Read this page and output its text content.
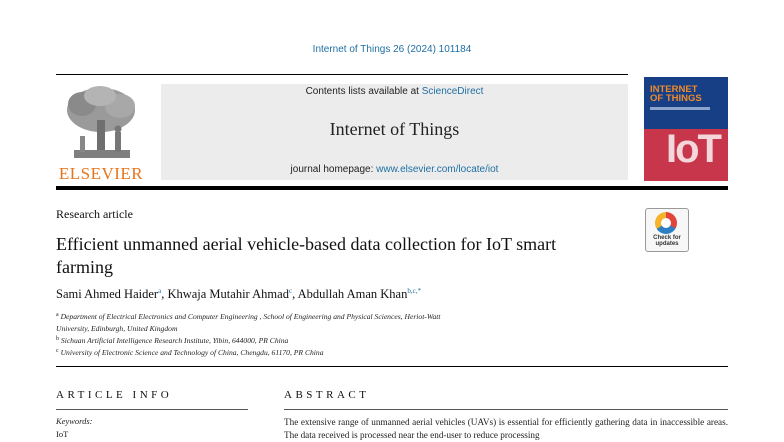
Internet of Things 26 (2024) 101184
ELSEVIER
Contents lists available at ScienceDirect
Internet of Things
journal homepage: www.elsevier.com/locate/iot
INTERNET
OF THINGS
IoT
Research article
Check for
updates
Efficient unmanned aerial vehicle-based data collection for IoT smart farming
Sami Ahmed Haider$^a$, Khwaja Mutahir Ahmad$^c$, Abdullah Aman Khan$^{b,c,*}$
$^a$ Department of Electrical Electronics and Computer Engineering , School of Engineering and Physical Sciences, Heriot-Watt
University, Edinburgh, United Kingdom
$^b$ Sichuan Artificial Intelligence Research Institute, Yibin, 644000, PR China
$^c$ University of Electronic Science and Technology of China, Chengdu, 61170, PR China
ARTICLE INFO	ABSTRACT
Keywords:
IoT
The extensive range of unmanned aerial vehicles (UAVs) is essential for efficiently gathering data in inaccessible areas. The data received is processed near the end-user to reduce processing
